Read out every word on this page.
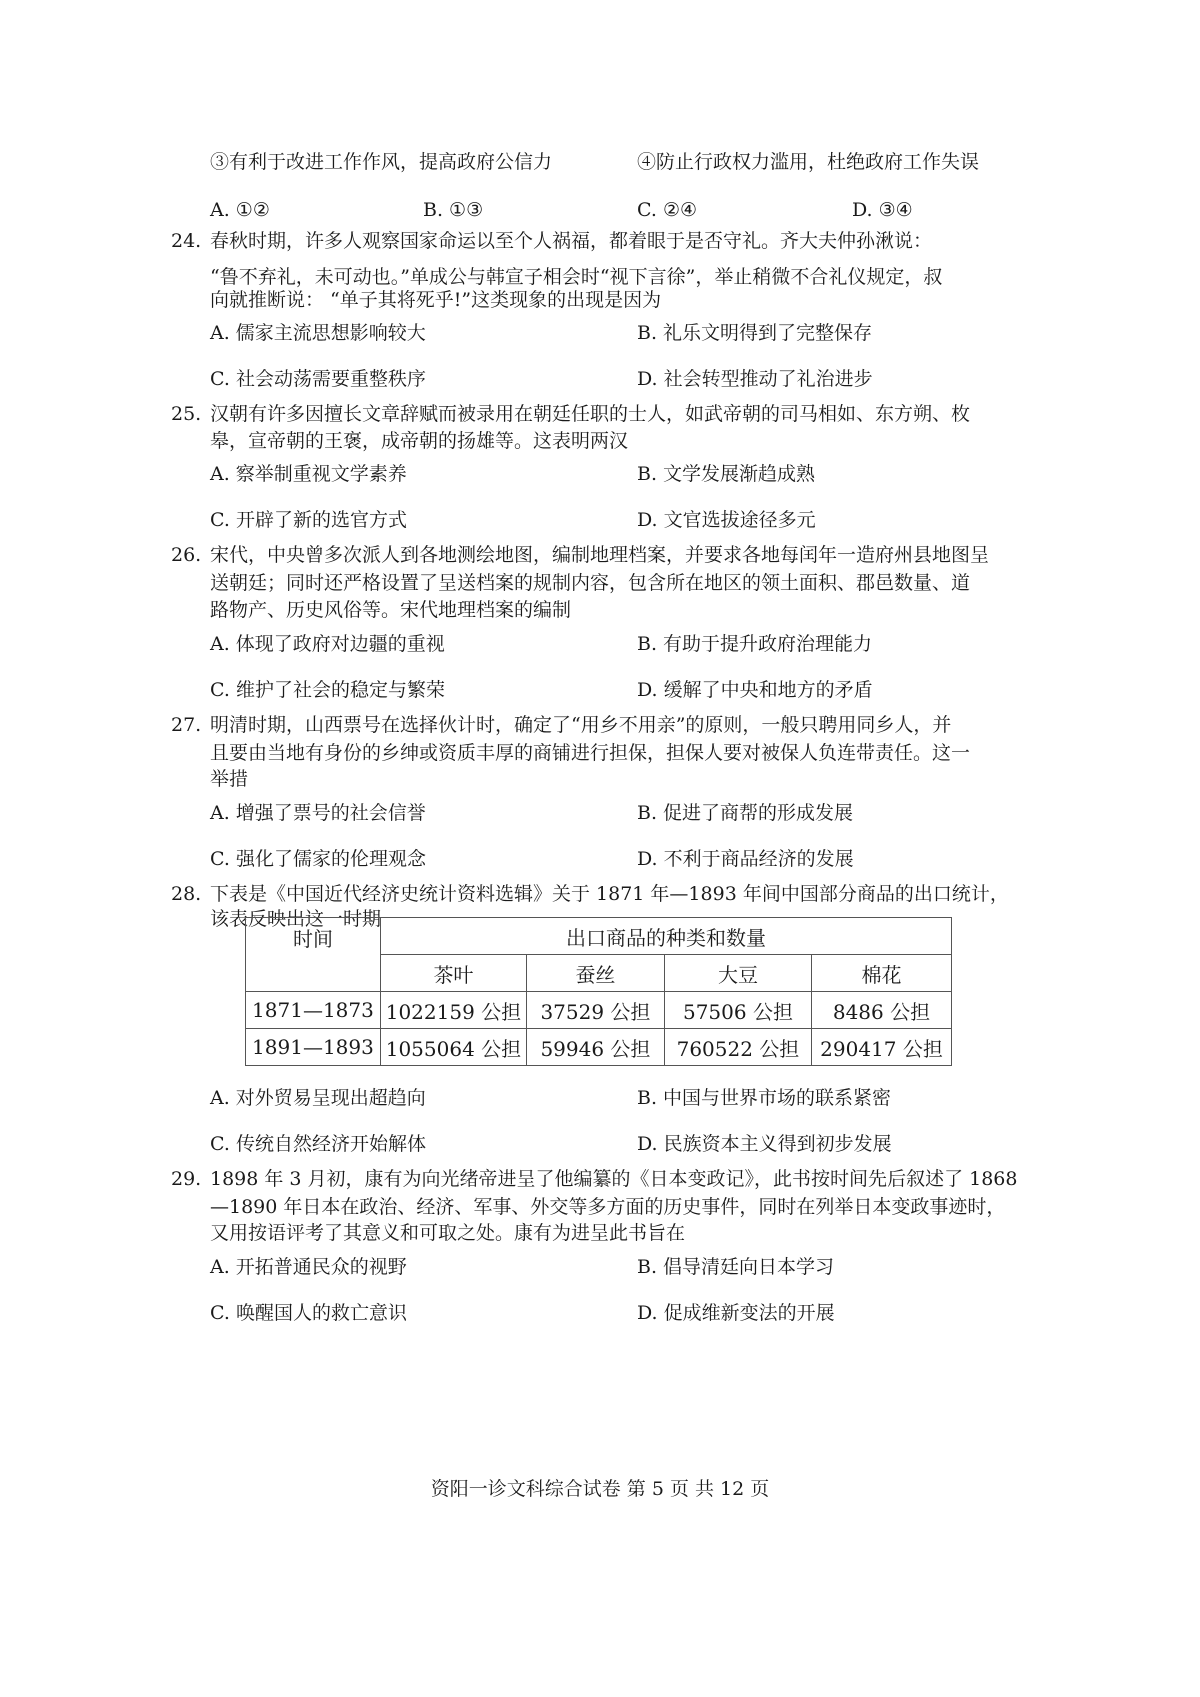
③有利于改进工作作风，提高政府公信力	④防止行政权力滥用，杜绝政府工作失误
A. ①②	B. ①③	C. ②④	D. ③④
24. 春秋时期，许多人观察国家命运以至个人祸福，都着眼于是否守礼。齐大夫仲孙湫说：
“鲁不弃礼，未可动也。”单成公与韩宣子相会时“视下言徐”，举止稍微不合礼仪规定，叔
向就推断说： “单子其将死乎!”这类现象的出现是因为
A. 儒家主流思想影响较大	B. 礼乐文明得到了完整保存
C. 社会动荡需要重整秩序	D. 社会转型推动了礼治进步
25. 汉朝有许多因擅长文章辞赋而被录用在朝廷任职的士人，如武帝朝的司马相如、东方朔、枚
皋，宣帝朝的王褒，成帝朝的扬雄等。这表明两汉
A. 察举制重视文学素养	B. 文学发展渐趋成熟
C. 开辟了新的选官方式	D. 文官选拔途径多元
26. 宋代，中央曾多次派人到各地测绘地图，编制地理档案，并要求各地每闰年一造府州县地图呈
送朝廷；同时还严格设置了呈送档案的规制内容，包含所在地区的领土面积、郡邑数量、道
路物产、历史风俗等。宋代地理档案的编制
A. 体现了政府对边疆的重视	B. 有助于提升政府治理能力
C. 维护了社会的稳定与繁荣	D. 缓解了中央和地方的矛盾
27. 明清时期，山西票号在选择伙计时，确定了“用乡不用亲”的原则，一般只聘用同乡人，并
且要由当地有身份的乡绅或资质丰厚的商铺进行担保，担保人要对被保人负连带责任。这一
举措
A. 增强了票号的社会信誉	B. 促进了商帮的形成发展
C. 强化了儒家的伦理观念	D. 不利于商品经济的发展
28. 下表是《中国近代经济史统计资料选辑》关于 1871 年—1893 年间中国部分商品的出口统计，
该表反映出这一时期
时间	出口商品的种类和数量			
	茶叶	蚕丝	大豆	棉花
1871—1873	1022159 公担	37529 公担	57506 公担	8486 公担
1891—1893	1055064 公担	59946 公担	760522 公担	290417 公担
A. 对外贸易呈现出超趋向	B. 中国与世界市场的联系紧密
C. 传统自然经济开始解体	D. 民族资本主义得到初步发展
29. 1898 年 3 月初，康有为向光绪帝进呈了他编纂的《日本变政记》，此书按时间先后叙述了 1868
—1890 年日本在政治、经济、军事、外交等多方面的历史事件，同时在列举日本变政事迹时，
又用按语评考了其意义和可取之处。康有为进呈此书旨在
A. 开拓普通民众的视野	B. 倡导清廷向日本学习
C. 唤醒国人的救亡意识	D. 促成维新变法的开展
资阳一诊文科综合试卷 第 5 页 共 12 页
